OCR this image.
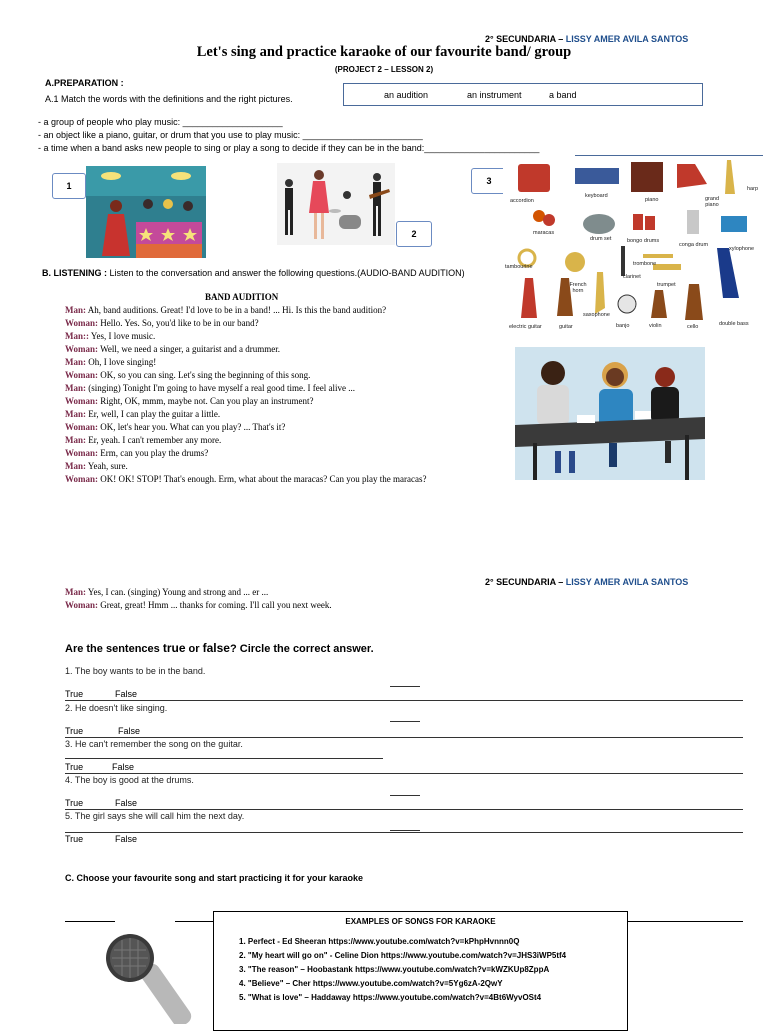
2° SECUNDARIA – LISSY AMER AVILA SANTOS
Let's sing and practice karaoke of our favourite band/ group
(PROJECT 2 – LESSON 2)
A.PREPARATION :
A.1 Match the words with the definitions and the right pictures.	an audition	an instrument	a band
- a group of people who play music: ____________________
- an object like a piano, guitar, or drum that you use to play music: ________________________
- a time when a band asks new people to sing or play a song to decide if they can be in the band:_______________________
1
2
3
accordion
keyboard
piano	grand piano
harp
maracas
drum set	bongo drums
conga drum
xylophone
tambourine
French horn
clarinet
trombone
trumpet
saxophone
banjo	violin	cello	double bass
electric guitar	guitar
B. LISTENING : Listen to the conversation and answer the following questions.(AUDIO-BAND AUDITION)
BAND AUDITION
Man: Ah, band auditions. Great! I'd love to be in a band! ... Hi. Is this the band audition?
Woman: Hello. Yes. So, you'd like to be in our band?
Man:: Yes, I love music.
Woman: Well, we need a singer, a guitarist and a drummer.
Man: Oh, I love singing!
Woman: OK, so you can sing. Let's sing the beginning of this song.
Man: (singing) Tonight I'm going to have myself a real good time. I feel alive ...
Woman: Right, OK, mmm, maybe not. Can you play an instrument?
Man: Er, well, I can play the guitar a little.
Woman: OK, let's hear you. What can you play? ... That's it?
Man: Er, yeah. I can't remember any more.
Woman: Erm, can you play the drums?
Man: Yeah, sure.
Woman: OK! OK! STOP! That's enough. Erm, what about the maracas? Can you play the maracas?
2° SECUNDARIA – LISSY AMER AVILA SANTOS
Man: Yes, I can. (singing) Young and strong and ... er ...
Woman: Great, great! Hmm ... thanks for coming. I'll call you next week.
Are the sentences true or false? Circle the correct answer.
1. The boy wants to be in the band.
True	False
2. He doesn't like singing.
True	False
3. He can't remember the song on the guitar.
True	False
4. The boy is good at the drums.
True	False
5. The girl says she will call him the next day.
True	False
C. Choose your favourite song and start practicing it for your karaoke
EXAMPLES OF SONGS FOR KARAOKE
1. Perfect - Ed Sheeran https://www.youtube.com/watch?v=kPhpHvnnn0Q
2. "My heart will go on" - Celine Dion https://www.youtube.com/watch?v=JHS3iWP5tf4
3. "The reason" – Hoobastank https://www.youtube.com/watch?v=kWZKUp8ZppA
4. "Believe" – Cher https://www.youtube.com/watch?v=5Yg6zA-2QwY
5. "What is love" – Haddaway https://www.youtube.com/watch?v=4Bt6WyvOSt4
